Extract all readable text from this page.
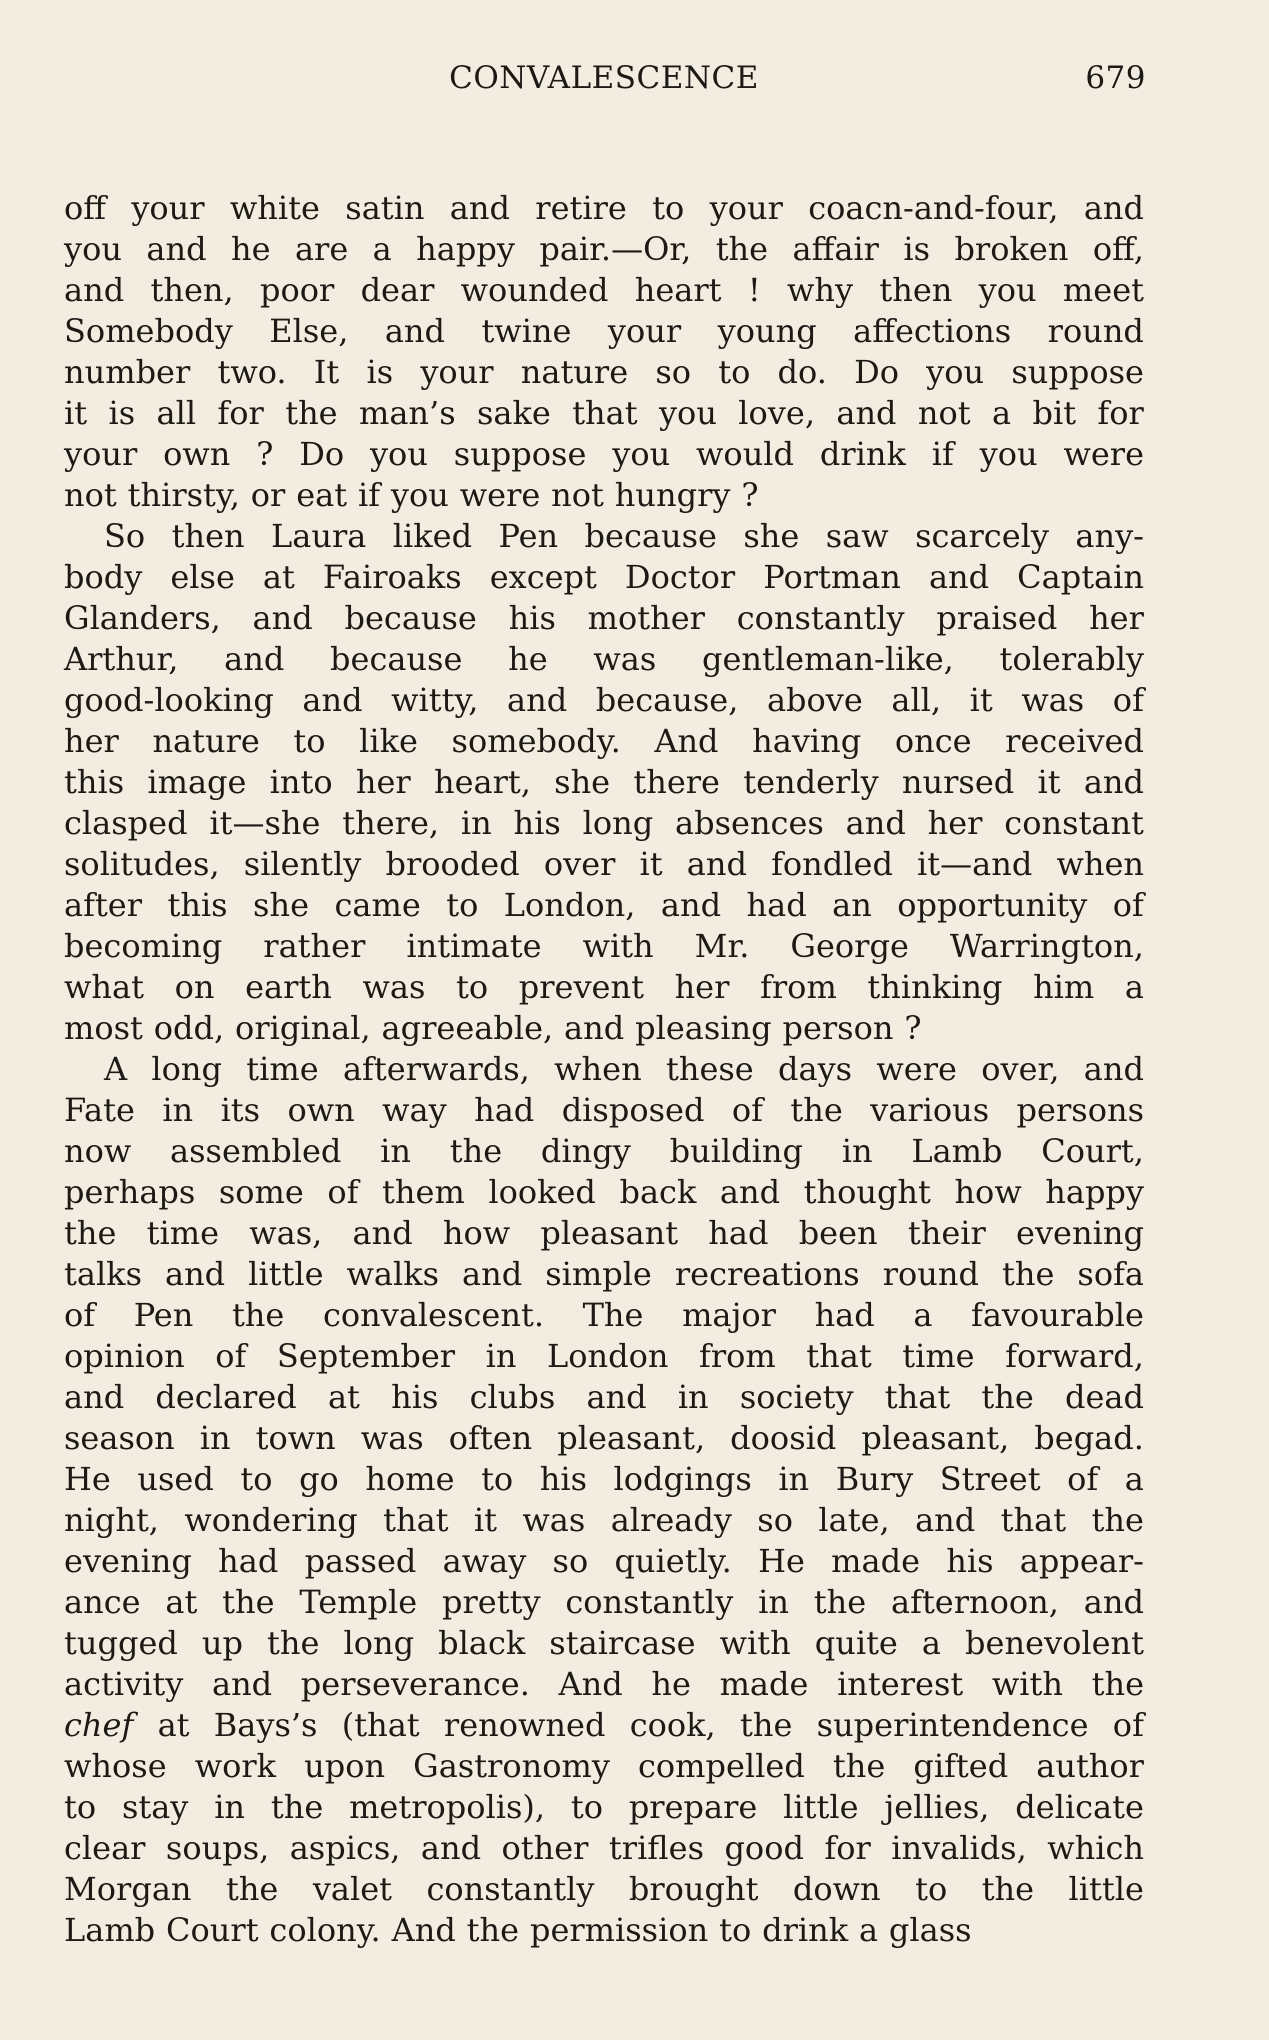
CONVALESCENCE	679
off your white satin and retire to your coacn-and-four, and
you and he are a happy pair.—Or, the affair is broken off,
and then, poor dear wounded heart ! why then you meet
Somebody Else, and twine your young affections round
number two. It is your nature so to do. Do you suppose
it is all for the man’s sake that you love, and not a bit for
your own ? Do you suppose you would drink if you were
not thirsty, or eat if you were not hungry ?
So then Laura liked Pen because she saw scarcely any-
body else at Fairoaks except Doctor Portman and Captain
Glanders, and because his mother constantly praised her
Arthur, and because he was gentleman-like, tolerably
good-looking and witty, and because, above all, it was of
her nature to like somebody. And having once received
this image into her heart, she there tenderly nursed it and
clasped it—she there, in his long absences and her constant
solitudes, silently brooded over it and fondled it—and when
after this she came to London, and had an opportunity of
becoming rather intimate with Mr. George Warrington,
what on earth was to prevent her from thinking him a
most odd, original, agreeable, and pleasing person ?
A long time afterwards, when these days were over, and
Fate in its own way had disposed of the various persons
now assembled in the dingy building in Lamb Court,
perhaps some of them looked back and thought how happy
the time was, and how pleasant had been their evening
talks and little walks and simple recreations round the sofa
of Pen the convalescent. The major had a favourable
opinion of September in London from that time forward,
and declared at his clubs and in society that the dead
season in town was often pleasant, doosid pleasant, begad.
He used to go home to his lodgings in Bury Street of a
night, wondering that it was already so late, and that the
evening had passed away so quietly. He made his appear-
ance at the Temple pretty constantly in the afternoon, and
tugged up the long black staircase with quite a benevolent
activity and perseverance. And he made interest with the
chef at Bays’s (that renowned cook, the superintendence of
whose work upon Gastronomy compelled the gifted author
to stay in the metropolis), to prepare little jellies, delicate
clear soups, aspics, and other trifles good for invalids, which
Morgan the valet constantly brought down to the little
Lamb Court colony. And the permission to drink a glass
